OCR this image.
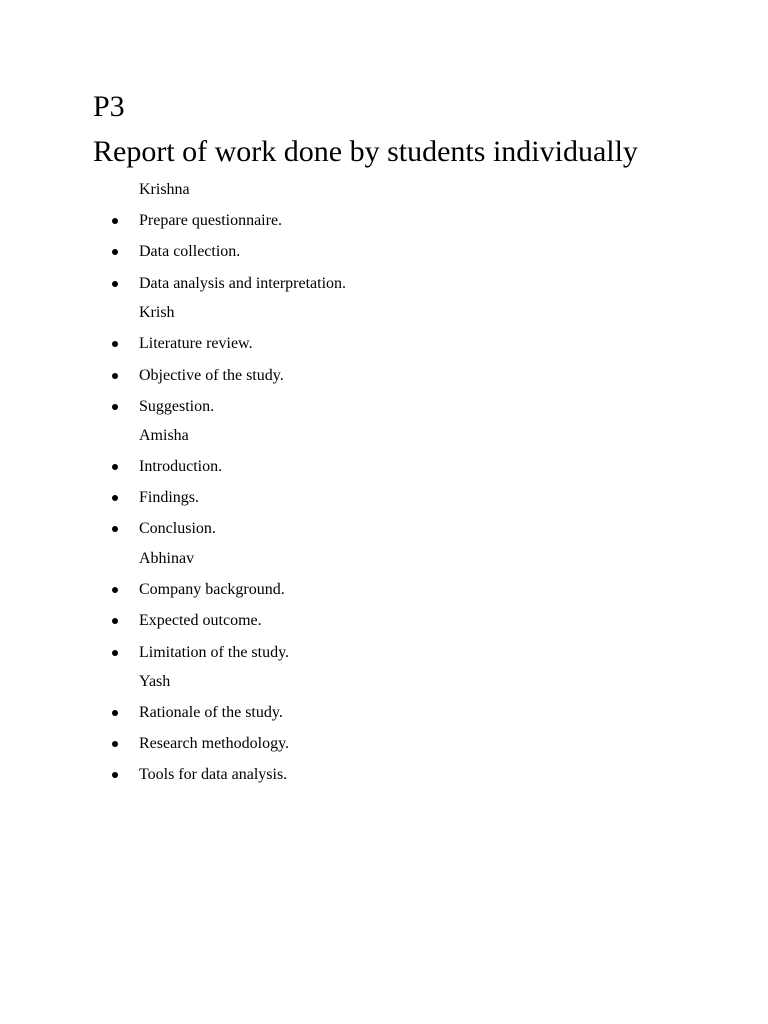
P3
Report of work done by students individually
Krishna
Prepare questionnaire.
Data collection.
Data analysis and interpretation.
Krish
Literature review.
Objective of the study.
Suggestion.
Amisha
Introduction.
Findings.
Conclusion.
Abhinav
Company background.
Expected outcome.
Limitation of the study.
Yash
Rationale of the study.
Research methodology.
Tools for data analysis.
